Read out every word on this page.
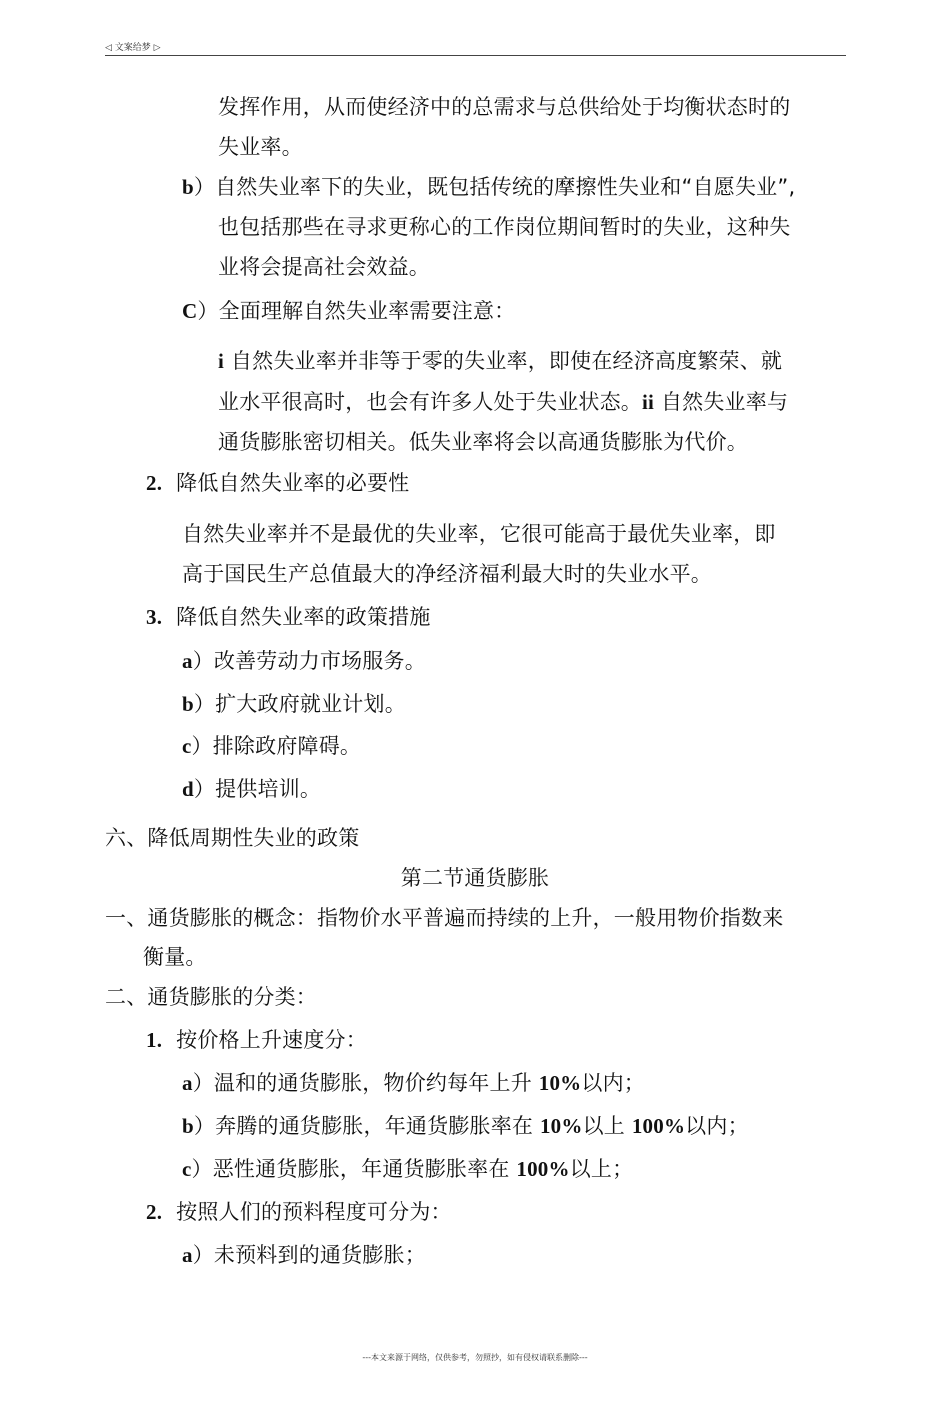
◁ 文案给梦 ▷
发挥作用，从而使经济中的总需求与总供给处于均衡状态时的
失业率。
b）自然失业率下的失业，既包括传统的摩擦性失业和“自愿失业”,
也包括那些在寻求更称心的工作岗位期间暂时的失业，这种失
业将会提高社会效益。
C）全面理解自然失业率需要注意：
i 自然失业率并非等于零的失业率，即使在经济高度繁荣、就
业水平很高时，也会有许多人处于失业状态。ii 自然失业率与
通货膨胀密切相关。低失业率将会以高通货膨胀为代价。
2. 降低自然失业率的必要性
自然失业率并不是最优的失业率，它很可能高于最优失业率，即
高于国民生产总值最大的净经济福利最大时的失业水平。
3. 降低自然失业率的政策措施
a）改善劳动力市场服务。
b）扩大政府就业计划。
c）排除政府障碍。
d）提供培训。
六、降低周期性失业的政策
第二节通货膨胀
一、通货膨胀的概念：指物价水平普遍而持续的上升，一般用物价指数来
衡量。
二、通货膨胀的分类：
1. 按价格上升速度分：
a）温和的通货膨胀，物价约每年上升 10%以内；
b）奔腾的通货膨胀，年通货膨胀率在 10%以上 100%以内；
c）恶性通货膨胀，年通货膨胀率在 100%以上；
2. 按照人们的预料程度可分为：
a）未预料到的通货膨胀；
---本文来源于网络，仅供参考，勿照抄，如有侵权请联系删除---
